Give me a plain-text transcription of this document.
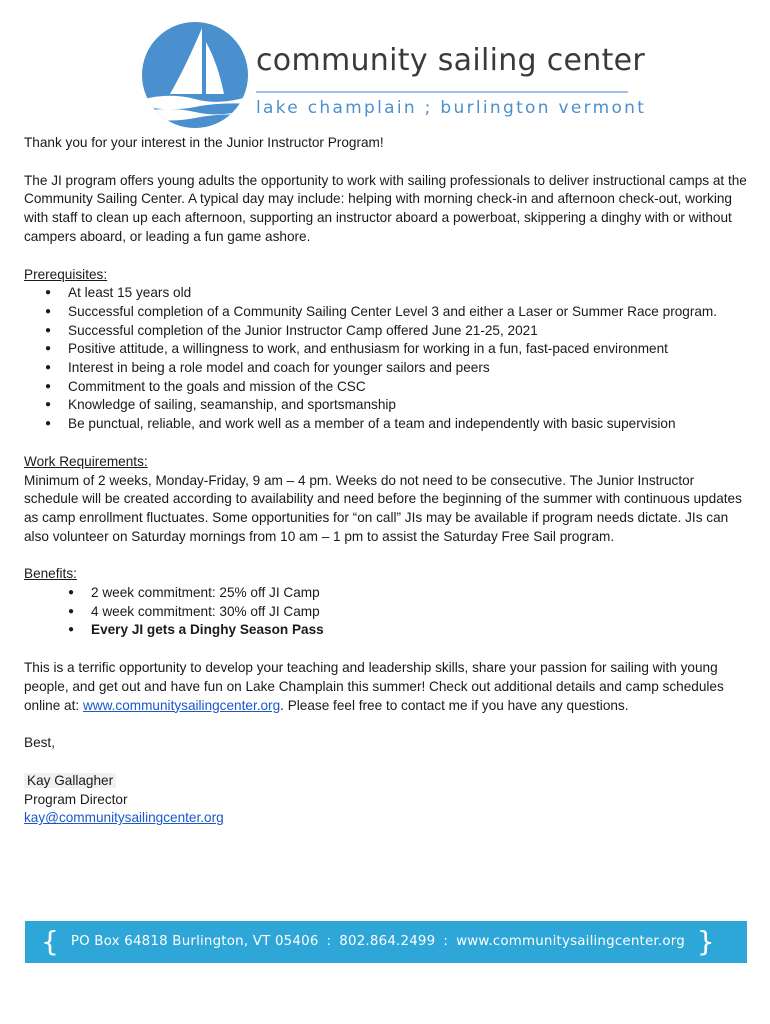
community sailing center
lake champlain ; burlington vermont

Thank you for your interest in the Junior Instructor Program!

The JI program offers young adults the opportunity to work with sailing professionals to deliver instructional camps at the Community Sailing Center. A typical day may include: helping with morning check-in and afternoon check-out, working with staff to clean up each afternoon, supporting an instructor aboard a powerboat, skippering a dinghy with or without campers aboard, or leading a fun game ashore.

Prerequisites:

● At least 15 years old
● Successful completion of a Community Sailing Center Level 3 and either a Laser or Summer Race program.
● Successful completion of the Junior Instructor Camp offered June 21-25, 2021
● Positive attitude, a willingness to work, and enthusiasm for working in a fun, fast-paced environment
● Interest in being a role model and coach for younger sailors and peers
● Commitment to the goals and mission of the CSC
● Knowledge of sailing, seamanship, and sportsmanship
● Be punctual, reliable, and work well as a member of a team and independently with basic supervision

Work Requirements:

Minimum of 2 weeks, Monday-Friday, 9 am – 4 pm. Weeks do not need to be consecutive. The Junior Instructor schedule will be created according to availability and need before the beginning of the summer with continuous updates as camp enrollment fluctuates. Some opportunities for “on call” JIs may be available if program needs dictate. JIs can also volunteer on Saturday mornings from 10 am – 1 pm to assist the Saturday Free Sail program.

Benefits:

● 2 week commitment: 25% off JI Camp
● 4 week commitment: 30% off JI Camp
● Every JI gets a Dinghy Season Pass

This is a terrific opportunity to develop your teaching and leadership skills, share your passion for sailing with young people, and get out and have fun on Lake Champlain this summer! Check out additional details and camp schedules online at: www.communitysailingcenter.org. Please feel free to contact me if you have any questions.

Best,

Kay Gallagher

Program Director

kay@communitysailingcenter.org

{ PO Box 64818 Burlington, VT 05406 : 802.864.2499 : www.communitysailingcenter.org }
